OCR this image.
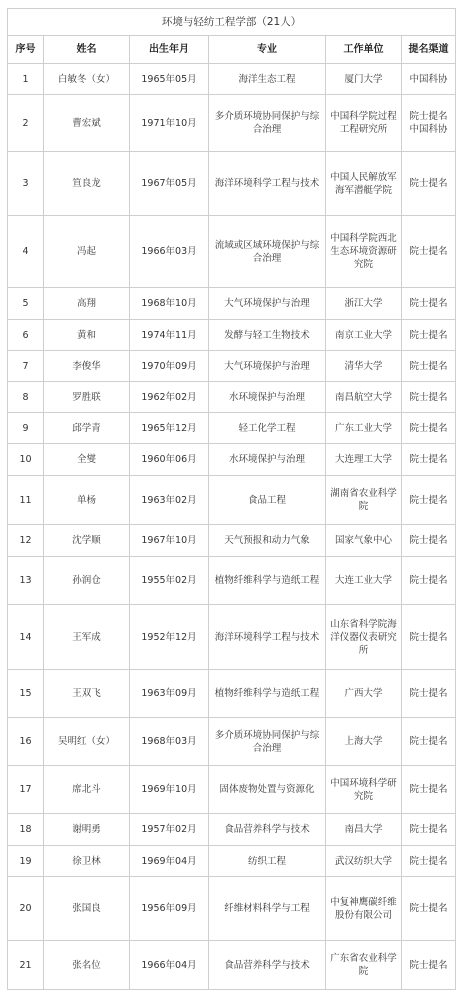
环境与轻纺工程学部（21人）					
序号	姓名	出生年月	专业	工作单位	提名渠道
1	白敏冬（女）	1965年05月	海洋生态工程	厦门大学	中国科协
2	曹宏斌	1971年10月	多介质环境协同保护与综合治理	中国科学院过程工程研究所	院士提名 中国科协
3	笪良龙	1967年05月	海洋环境科学工程与技术	中国人民解放军海军潜艇学院	院士提名
4	冯起	1966年03月	流域或区域环境保护与综合治理	中国科学院西北生态环境资源研究院	院士提名
5	高翔	1968年10月	大气环境保护与治理	浙江大学	院士提名
6	黄和	1974年11月	发酵与轻工生物技术	南京工业大学	院士提名
7	李俊华	1970年09月	大气环境保护与治理	清华大学	院士提名
8	罗胜联	1962年02月	水环境保护与治理	南昌航空大学	院士提名
9	邱学青	1965年12月	轻工化学工程	广东工业大学	院士提名
10	全燮	1960年06月	水环境保护与治理	大连理工大学	院士提名
11	单杨	1963年02月	食品工程	湖南省农业科学院	院士提名
12	沈学顺	1967年10月	天气预报和动力气象	国家气象中心	院士提名
13	孙润仓	1955年02月	植物纤维科学与造纸工程	大连工业大学	院士提名
14	王军成	1952年12月	海洋环境科学工程与技术	山东省科学院海洋仪器仪表研究所	院士提名
15	王双飞	1963年09月	植物纤维科学与造纸工程	广西大学	院士提名
16	吴明红（女）	1968年03月	多介质环境协同保护与综合治理	上海大学	院士提名
17	席北斗	1969年10月	固体废物处置与资源化	中国环境科学研究院	院士提名
18	谢明勇	1957年02月	食品营养科学与技术	南昌大学	院士提名
19	徐卫林	1969年04月	纺织工程	武汉纺织大学	院士提名
20	张国良	1956年09月	纤维材料科学与工程	中复神鹰碳纤维股份有限公司	院士提名
21	张名位	1966年04月	食品营养科学与技术	广东省农业科学院	院士提名
